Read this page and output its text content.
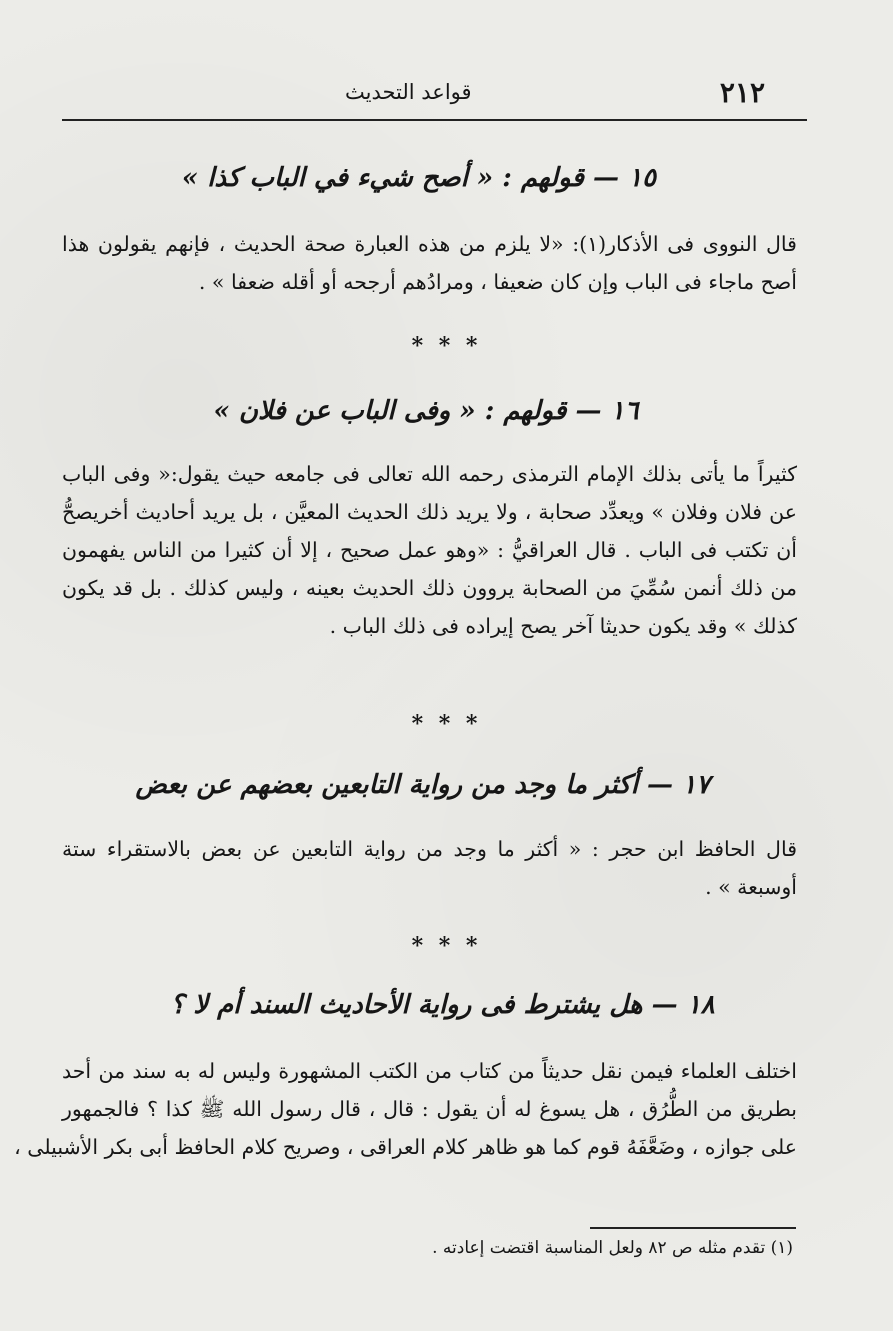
٢١٢
قواعد التحديث
١٥ — قولهم : « أصح شيء في الباب كذا »
قال النووى فى الأذكار(١): «لا يلزم من هذه العبارة صحة الحديث ، فإنهم يقولون هذا
أصح ماجاء فى الباب وإن كان ضعيفا ، ومرادُهم أرجحه أو أقله ضعفا » .
* * *
١٦ — قولهم : « وفى الباب عن فلان »
كثيراً ما يأتى بذلك الإمام الترمذى رحمه الله تعالى فى جامعه حيث يقول:« وفى الباب
عن فلان وفلان » ويعدِّد صحابة ، ولا يريد ذلك الحديث المعيَّن ، بل يريد أحاديث أخريصحُّ
أن تكتب فى الباب . قال العراقيُّ : «وهو عمل صحيح ، إلا أن كثيرا من الناس يفهمون
من ذلك أنمن سُمِّيَ من الصحابة يروون ذلك الحديث بعينه ، وليس كذلك . بل قد يكون
كذلك » وقد يكون حديثا آخر يصح إيراده فى ذلك الباب .
* * *
١٧ — أكثر ما وجد من رواية التابعين بعضهم عن بعض
قال الحافظ ابن حجر : « أكثر ما وجد من رواية التابعين عن بعض بالاستقراء ستة
أوسبعة » .
* * *
١٨ — هل يشترط فى رواية الأحاديث السند أم لا ؟
اختلف العلماء فيمن نقل حديثاً من كتاب من الكتب المشهورة وليس له به سند من أحد
بطريق من الطُّرُق ، هل يسوغ له أن يقول : قال ، قال رسول الله ﷺ كذا ؟ فالجمهور
على جوازه ، وضَعَّفَهُ قوم كما هو ظاهر كلام العراقى ، وصريح كلام الحافظ أبى بكر الأشبيلى ،
(١) تقدم مثله ص ٨٢ ولعل المناسبة اقتضت إعادته .
